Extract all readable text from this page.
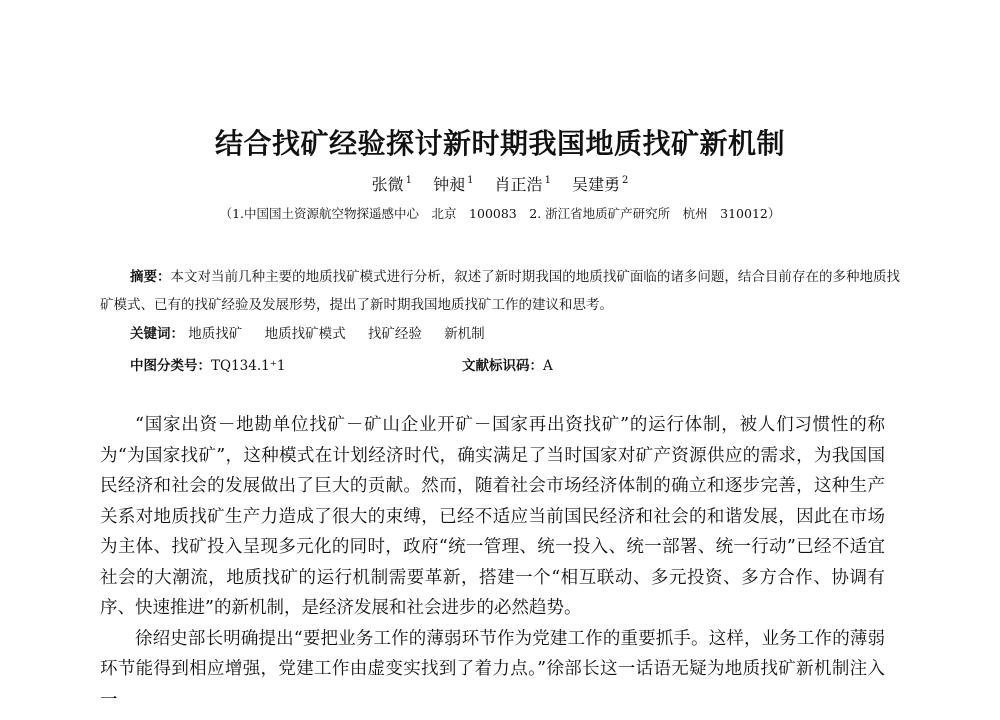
结合找矿经验探讨新时期我国地质找矿新机制
张微 $^1$ 钟昶 $^1$ 肖正浩 $^1$ 吴建勇 $^2$
（1.中国国土资源航空物探遥感中心　北京　100083　2. 浙江省地质矿产研究所　杭州　310012）
摘要：本文对当前几种主要的地质找矿模式进行分析，叙述了新时期我国的地质找矿面临的诸多问题，结合目前存在的多种地质找矿模式、已有的找矿经验及发展形势，提出了新时期我国地质找矿工作的建议和思考。
关键词： 地质找矿 地质找矿模式 找矿经验 新机制
中图分类号：TQ134.1⁺1	文献标识码：A

“国家出资－地勘单位找矿－矿山企业开矿－国家再出资找矿”的运行体制，被人们习惯性的称为“为国家找矿”，这种模式在计划经济时代，确实满足了当时国家对矿产资源供应的需求，为我国国民经济和社会的发展做出了巨大的贡献。然而，随着社会市场经济体制的确立和逐步完善，这种生产关系对地质找矿生产力造成了很大的束缚，已经不适应当前国民经济和社会的和谐发展，因此在市场为主体、找矿投入呈现多元化的同时，政府“统一管理、统一投入、统一部署、统一行动”已经不适宜社会的大潮流，地质找矿的运行机制需要革新，搭建一个“相互联动、多元投资、多方合作、协调有序、快速推进”的新机制，是经济发展和社会进步的必然趋势。

徐绍史部长明确提出“要把业务工作的薄弱环节作为党建工作的重要抓手。这样，业务工作的薄弱环节能得到相应增强，党建工作由虚变实找到了着力点。”徐部长这一话语无疑为地质找矿新机制注入一
